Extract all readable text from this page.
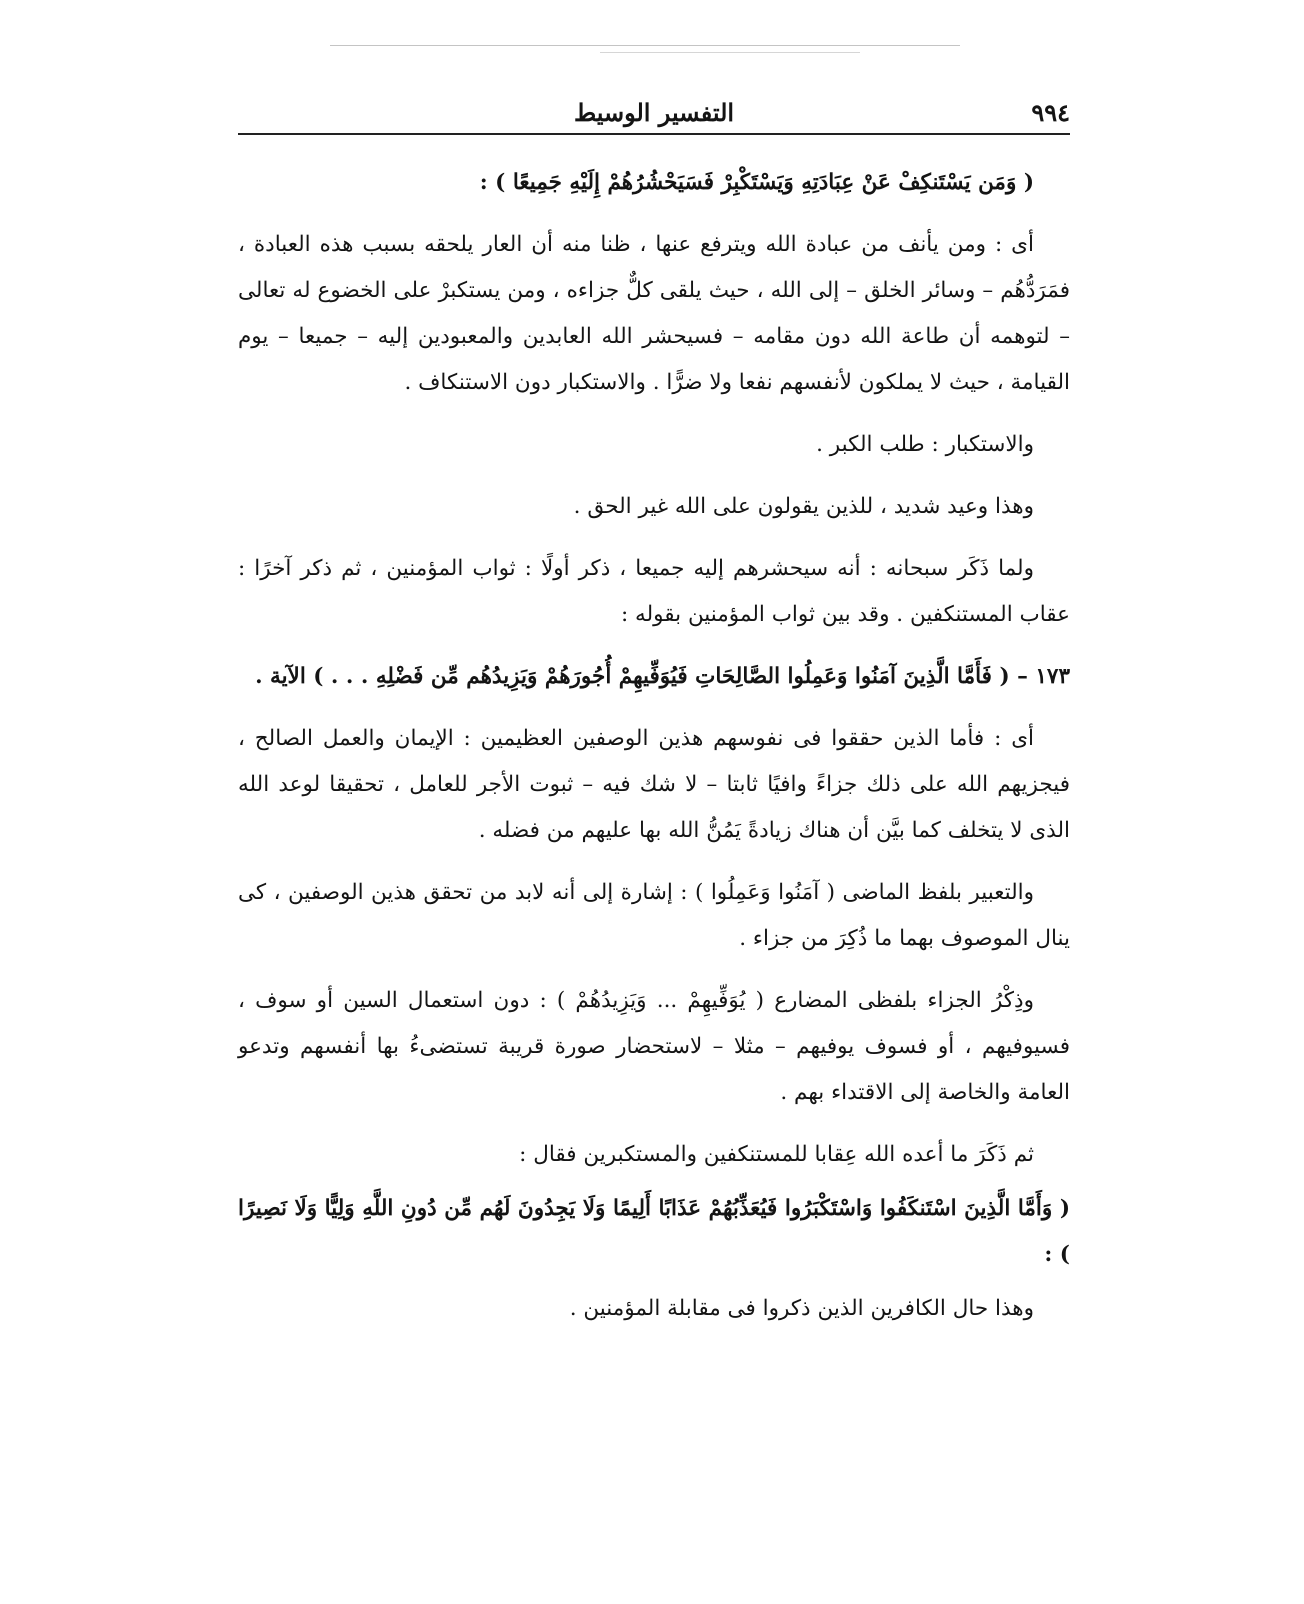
٩٩٤
التفسير الوسيط

( وَمَن يَسْتَنكِفْ عَنْ عِبَادَتِهِ وَيَسْتَكْبِرْ فَسَيَحْشُرُهُمْ إِلَيْهِ جَمِيعًا ) :

أى : ومن يأنف من عبادة الله ويترفع عنها ، ظنا منه أن العار يلحقه بسبب هذه العبادة ، فمَرَدُّهُم – وسائر الخلق – إلى الله ، حيث يلقى كلٌّ جزاءه ، ومن يستكبرْ على الخضوع له تعالى – لتوهمه أن طاعة الله دون مقامه – فسيحشر الله العابدين والمعبودين إليه – جميعا – يوم القيامة ، حيث لا يملكون لأنفسهم نفعا ولا ضرًّا . والاستكبار دون الاستنكاف .

والاستكبار : طلب الكبر .

وهذا وعيد شديد ، للذين يقولون على الله غير الحق .

ولما ذَكَر سبحانه : أنه سيحشرهم إليه جميعا ، ذكر أولًا : ثواب المؤمنين ، ثم ذكر آخرًا : عقاب المستنكفين . وقد بين ثواب المؤمنين بقوله :

١٧٣ – ( فَأَمَّا الَّذِينَ آمَنُوا وَعَمِلُوا الصَّالِحَاتِ فَيُوَفِّيهِمْ أُجُورَهُمْ وَيَزِيدُهُم مِّن فَضْلِهِ . . . ) الآية .

أى : فأما الذين حققوا فى نفوسهم هذين الوصفين العظيمين : الإيمان والعمل الصالح ، فيجزيهم الله على ذلك جزاءً وافيًا ثابتا – لا شك فيه – ثبوت الأجر للعامل ، تحقيقا لوعد الله الذى لا يتخلف كما بيَّن أن هناك زيادةً يَمُنُّ الله بها عليهم من فضله .

والتعبير بلفظ الماضى ( آمَنُوا وَعَمِلُوا ) : إشارة إلى أنه لابد من تحقق هذين الوصفين ، كى ينال الموصوف بهما ما ذُكِرَ من جزاء .

وذِكْرُ الجزاء بلفظى المضارع ( يُوَفِّيهِمْ ... وَيَزِيدُهُمْ ) : دون استعمال السين أو سوف ، فسيوفيهم ، أو فسوف يوفيهم – مثلا – لاستحضار صورة قريبة تستضىءُ بها أنفسهم وتدعو العامة والخاصة إلى الاقتداء بهم .

ثم ذَكَرَ ما أعده الله عِقابا للمستنكفين والمستكبرين فقال :

( وَأَمَّا الَّذِينَ اسْتَنكَفُوا وَاسْتَكْبَرُوا فَيُعَذِّبُهُمْ عَذَابًا أَلِيمًا وَلَا يَجِدُونَ لَهُم مِّن دُونِ اللَّهِ وَلِيًّا وَلَا نَصِيرًا ) :

وهذا حال الكافرين الذين ذكروا فى مقابلة المؤمنين .
